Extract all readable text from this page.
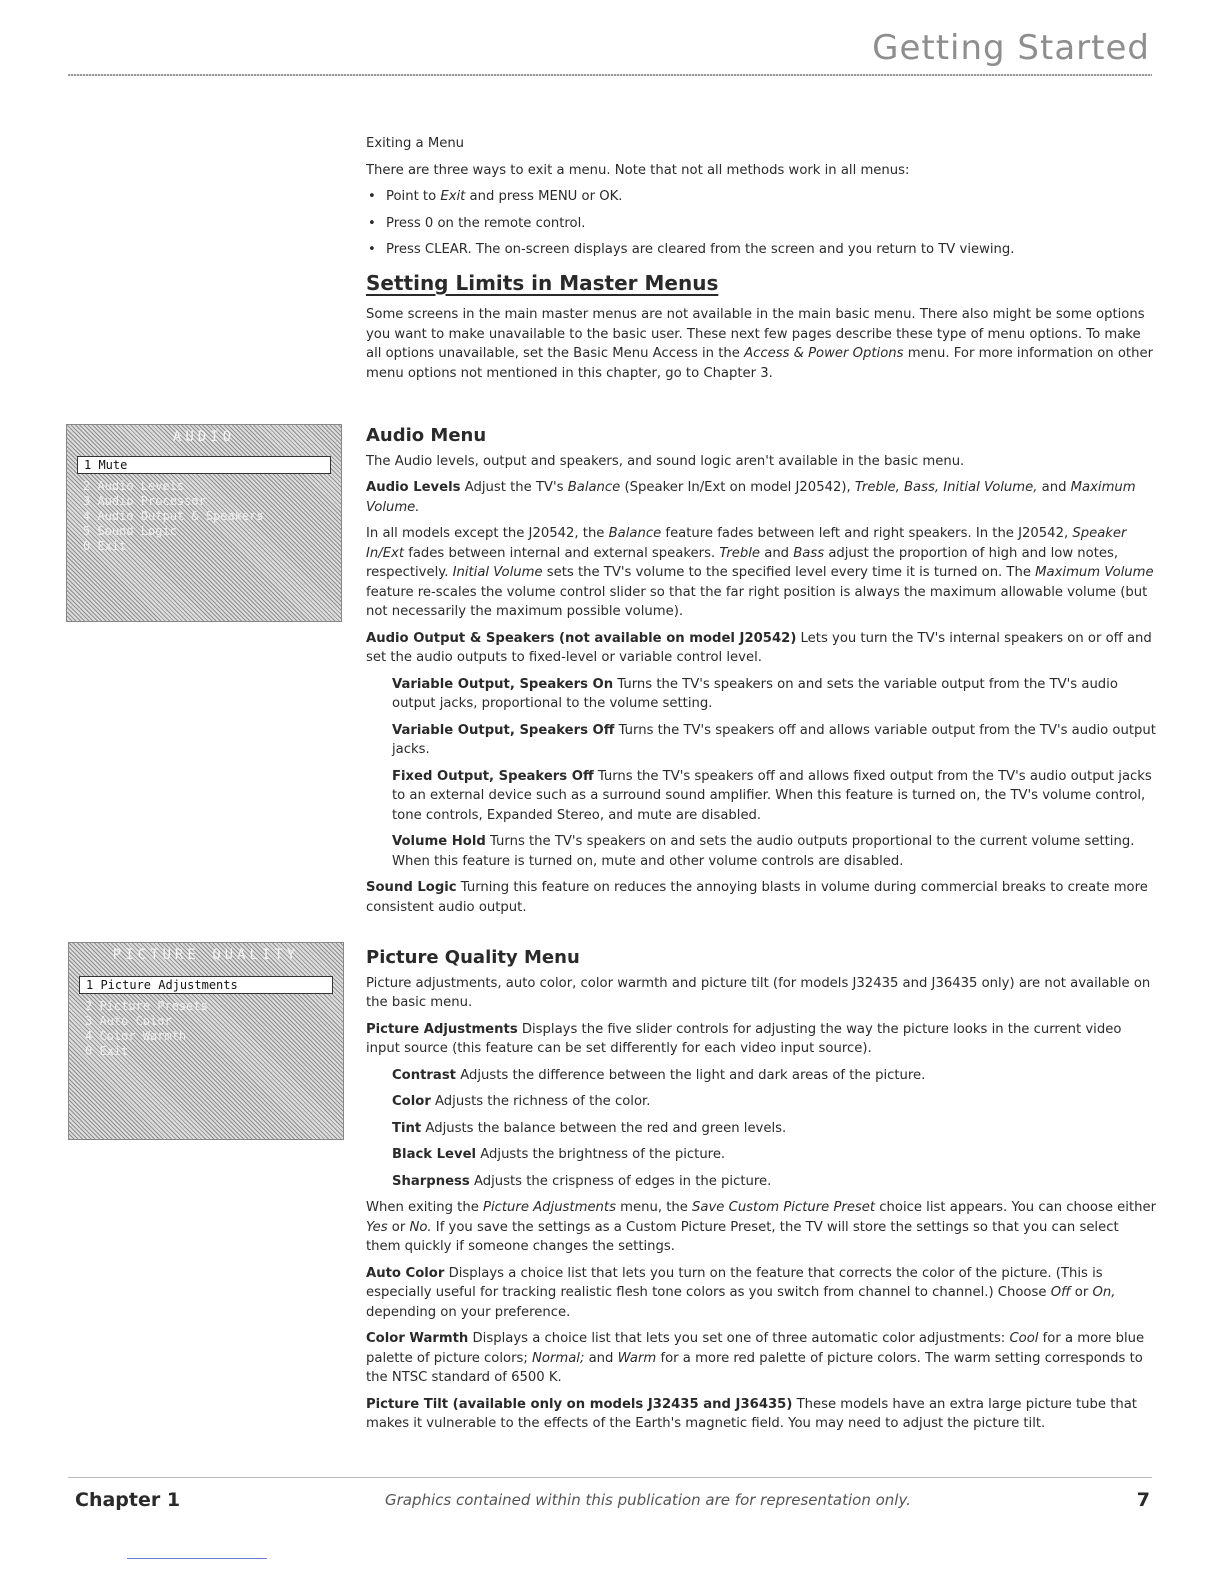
Getting Started

Exiting a Menu

There are three ways to exit a menu. Note that not all methods work in all menus:

• Point to Exit and press MENU or OK.
• Press 0 on the remote control.
• Press CLEAR. The on-screen displays are cleared from the screen and you return to TV viewing.
Setting Limits in Master Menus

Some screens in the main master menus are not available in the main basic menu. There also might be some options you want to make unavailable to the basic user. These next few pages describe these type of menu options. To make all options unavailable, set the Basic Menu Access in the Access & Power Options menu. For more information on other menu options not mentioned in this chapter, go to Chapter 3.

Audio Menu

The Audio levels, output and speakers, and sound logic aren't available in the basic menu.

Audio Levels Adjust the TV's Balance (Speaker In/Ext on model J20542), Treble, Bass, Initial Volume, and Maximum Volume.

In all models except the J20542, the Balance feature fades between left and right speakers. In the J20542, Speaker In/Ext fades between internal and external speakers. Treble and Bass adjust the proportion of high and low notes, respectively. Initial Volume sets the TV's volume to the specified level every time it is turned on. The Maximum Volume feature re-scales the volume control slider so that the far right position is always the maximum allowable volume (but not necessarily the maximum possible volume).

Audio Output & Speakers (not available on model J20542) Lets you turn the TV's internal speakers on or off and set the audio outputs to fixed-level or variable control level.

Variable Output, Speakers On Turns the TV's speakers on and sets the variable output from the TV's audio output jacks, proportional to the volume setting.

Variable Output, Speakers Off Turns the TV's speakers off and allows variable output from the TV's audio output jacks.

Fixed Output, Speakers Off Turns the TV's speakers off and allows fixed output from the TV's audio output jacks to an external device such as a surround sound amplifier. When this feature is turned on, the TV's volume control, tone controls, Expanded Stereo, and mute are disabled.

Volume Hold Turns the TV's speakers on and sets the audio outputs proportional to the current volume setting. When this feature is turned on, mute and other volume controls are disabled.

Sound Logic Turning this feature on reduces the annoying blasts in volume during commercial breaks to create more consistent audio output.

Picture Quality Menu

Picture adjustments, auto color, color warmth and picture tilt (for models J32435 and J36435 only) are not available on the basic menu.

Picture Adjustments Displays the five slider controls for adjusting the way the picture looks in the current video input source (this feature can be set differently for each video input source).

Contrast Adjusts the difference between the light and dark areas of the picture.

Color Adjusts the richness of the color.

Tint Adjusts the balance between the red and green levels.

Black Level Adjusts the brightness of the picture.

Sharpness Adjusts the crispness of edges in the picture.

When exiting the Picture Adjustments menu, the Save Custom Picture Preset choice list appears. You can choose either Yes or No. If you save the settings as a Custom Picture Preset, the TV will store the settings so that you can select them quickly if someone changes the settings.

Auto Color Displays a choice list that lets you turn on the feature that corrects the color of the picture. (This is especially useful for tracking realistic flesh tone colors as you switch from channel to channel.) Choose Off or On, depending on your preference.

Color Warmth Displays a choice list that lets you set one of three automatic color adjustments: Cool for a more blue palette of picture colors; Normal; and Warm for a more red palette of picture colors. The warm setting corresponds to the NTSC standard of 6500 K.

Picture Tilt (available only on models J32435 and J36435) These models have an extra large picture tube that makes it vulnerable to the effects of the Earth's magnetic field. You may need to adjust the picture tilt.

AUDIO
1 Mute
2 Audio Levels
3 Audio Processor
4 Audio Output & Speakers
5 Sound Logic
0 Exit
PICTURE QUALITY
1 Picture Adjustments
2 Picture Presets
3 Auto Color
4 Color Warmth
0 Exit
Chapter 1	Graphics contained within this publication are for representation only.	7
